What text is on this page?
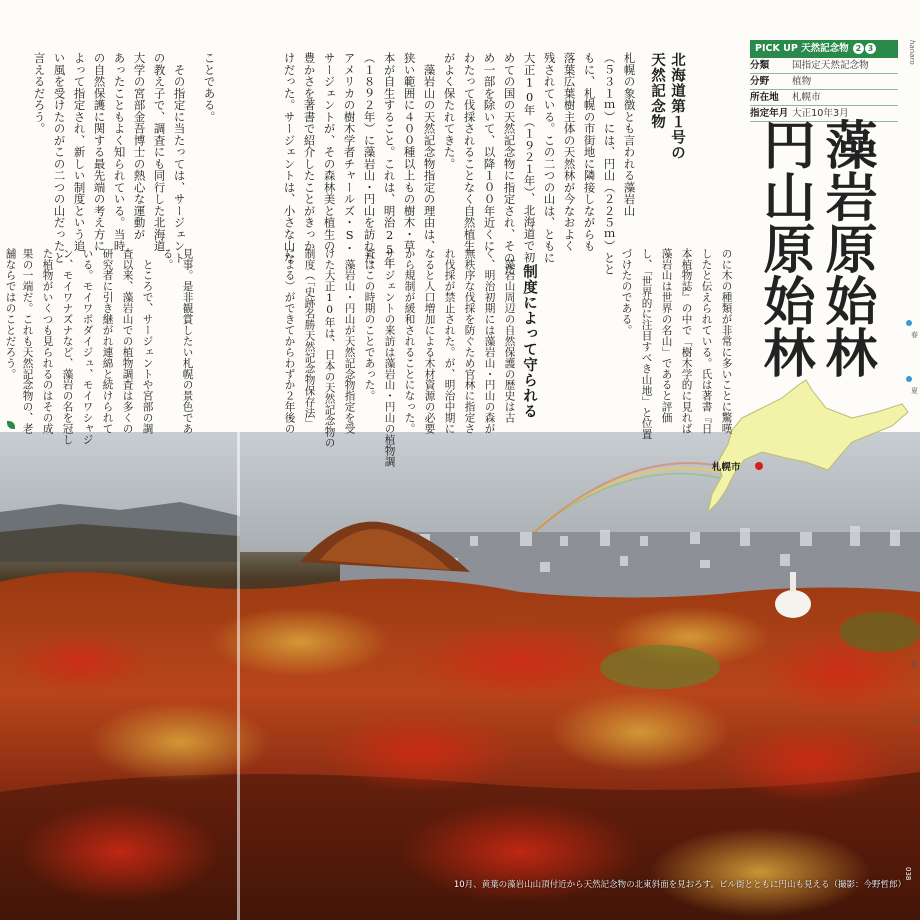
10月、黄葉の藻岩山山頂付近から天然記念物の北東斜面を見おろす。ビル街とともに円山も見える（撮影：今野哲郎）
PICK UP 天然記念物 2 3
分類	国指定天然記念物
分野	植物
所在地	札幌市
指定年月 大正10年3月
藻岩原始林
円山原始林
札幌市
hanaro
春
夏
秋
冬
038
北海道第１号の
天然記念物
制度によって守られる
札幌の象徴とも言われる藻岩山
（５３１ｍ）には、円山（２２５ｍ）とと
もに、札幌の市街地に隣接しながらも
落葉広葉樹主体の天然林が今なおよく
残されている。この二つの山は、ともに
大正10年（１９２１年）、北海道で初
めての国の天然記念物に指定され、そのた
め一部を除いて、以降１００年近くに
わたって伐採されることなく自然植生
がよく保たれてきた。
　藻岩山の天然記念物指定の理由は、
狭い範囲に４００種以上もの樹木・草
本が自生すること。これは、明治25年
（１８９２年）に藻岩山・円山を訪れた
アメリカの樹木学者チャールズ・S・
サージェントが、その森林美と植生の
豊かさを著書で紹介したことがきっか
けだった。サージェントは、小さな山な
のに木の種類が非常に多いことに驚嘆
したと伝えられている。氏は著書『日
本植物誌』の中で「樹木学的に見れば
藻岩山は世界の名山」であると評価
し、「世界的に注目すべき山地」と位置
づけたのである。
　藻岩山周辺の自然保護の歴史は古
く、明治初期には藻岩山・円山の森が
無秩序な伐採を防ぐため官林に指定さ
れ伐採が禁止された。が、明治中期に
なると人口増加による木材資源の必要
から規制が緩和されることになった。
サージェントの来訪は藻岩山・円山の植物調
査はこの時期のことであった。
　藻岩山・円山が天然記念物指定を受
けた大正10年は、日本の天然記念物の
制度（「史跡名勝天然記念物保存法」
による）ができてからわずか２年後の
ことである。
　その指定に当たっては、サージェント
の教え子で、調査にも同行した北海道
大学の宮部金吾博士の熱心な運動が
あったこともよく知られている。当時
の自然保護に関する最先端の考え方に
よって指定され、新しい制度という追
い風を受けたのがこの二つの山だったと
言えるだろう。
見事。是非観賞したい札幌の景色であ
る。
　ところで、サージェントや宮部の調
査以来、藻岩山での植物調査は多くの
研究者に引き継がれ連綿と続けられて
いる。モイワボダイジュ、モイワシャジ
ン、モイワナズナなど、藻岩の名を冠し
た植物がいくつも見られるのはその成
果の一端だ。これも天然記念物の、老
舗ならではのことだろう。
